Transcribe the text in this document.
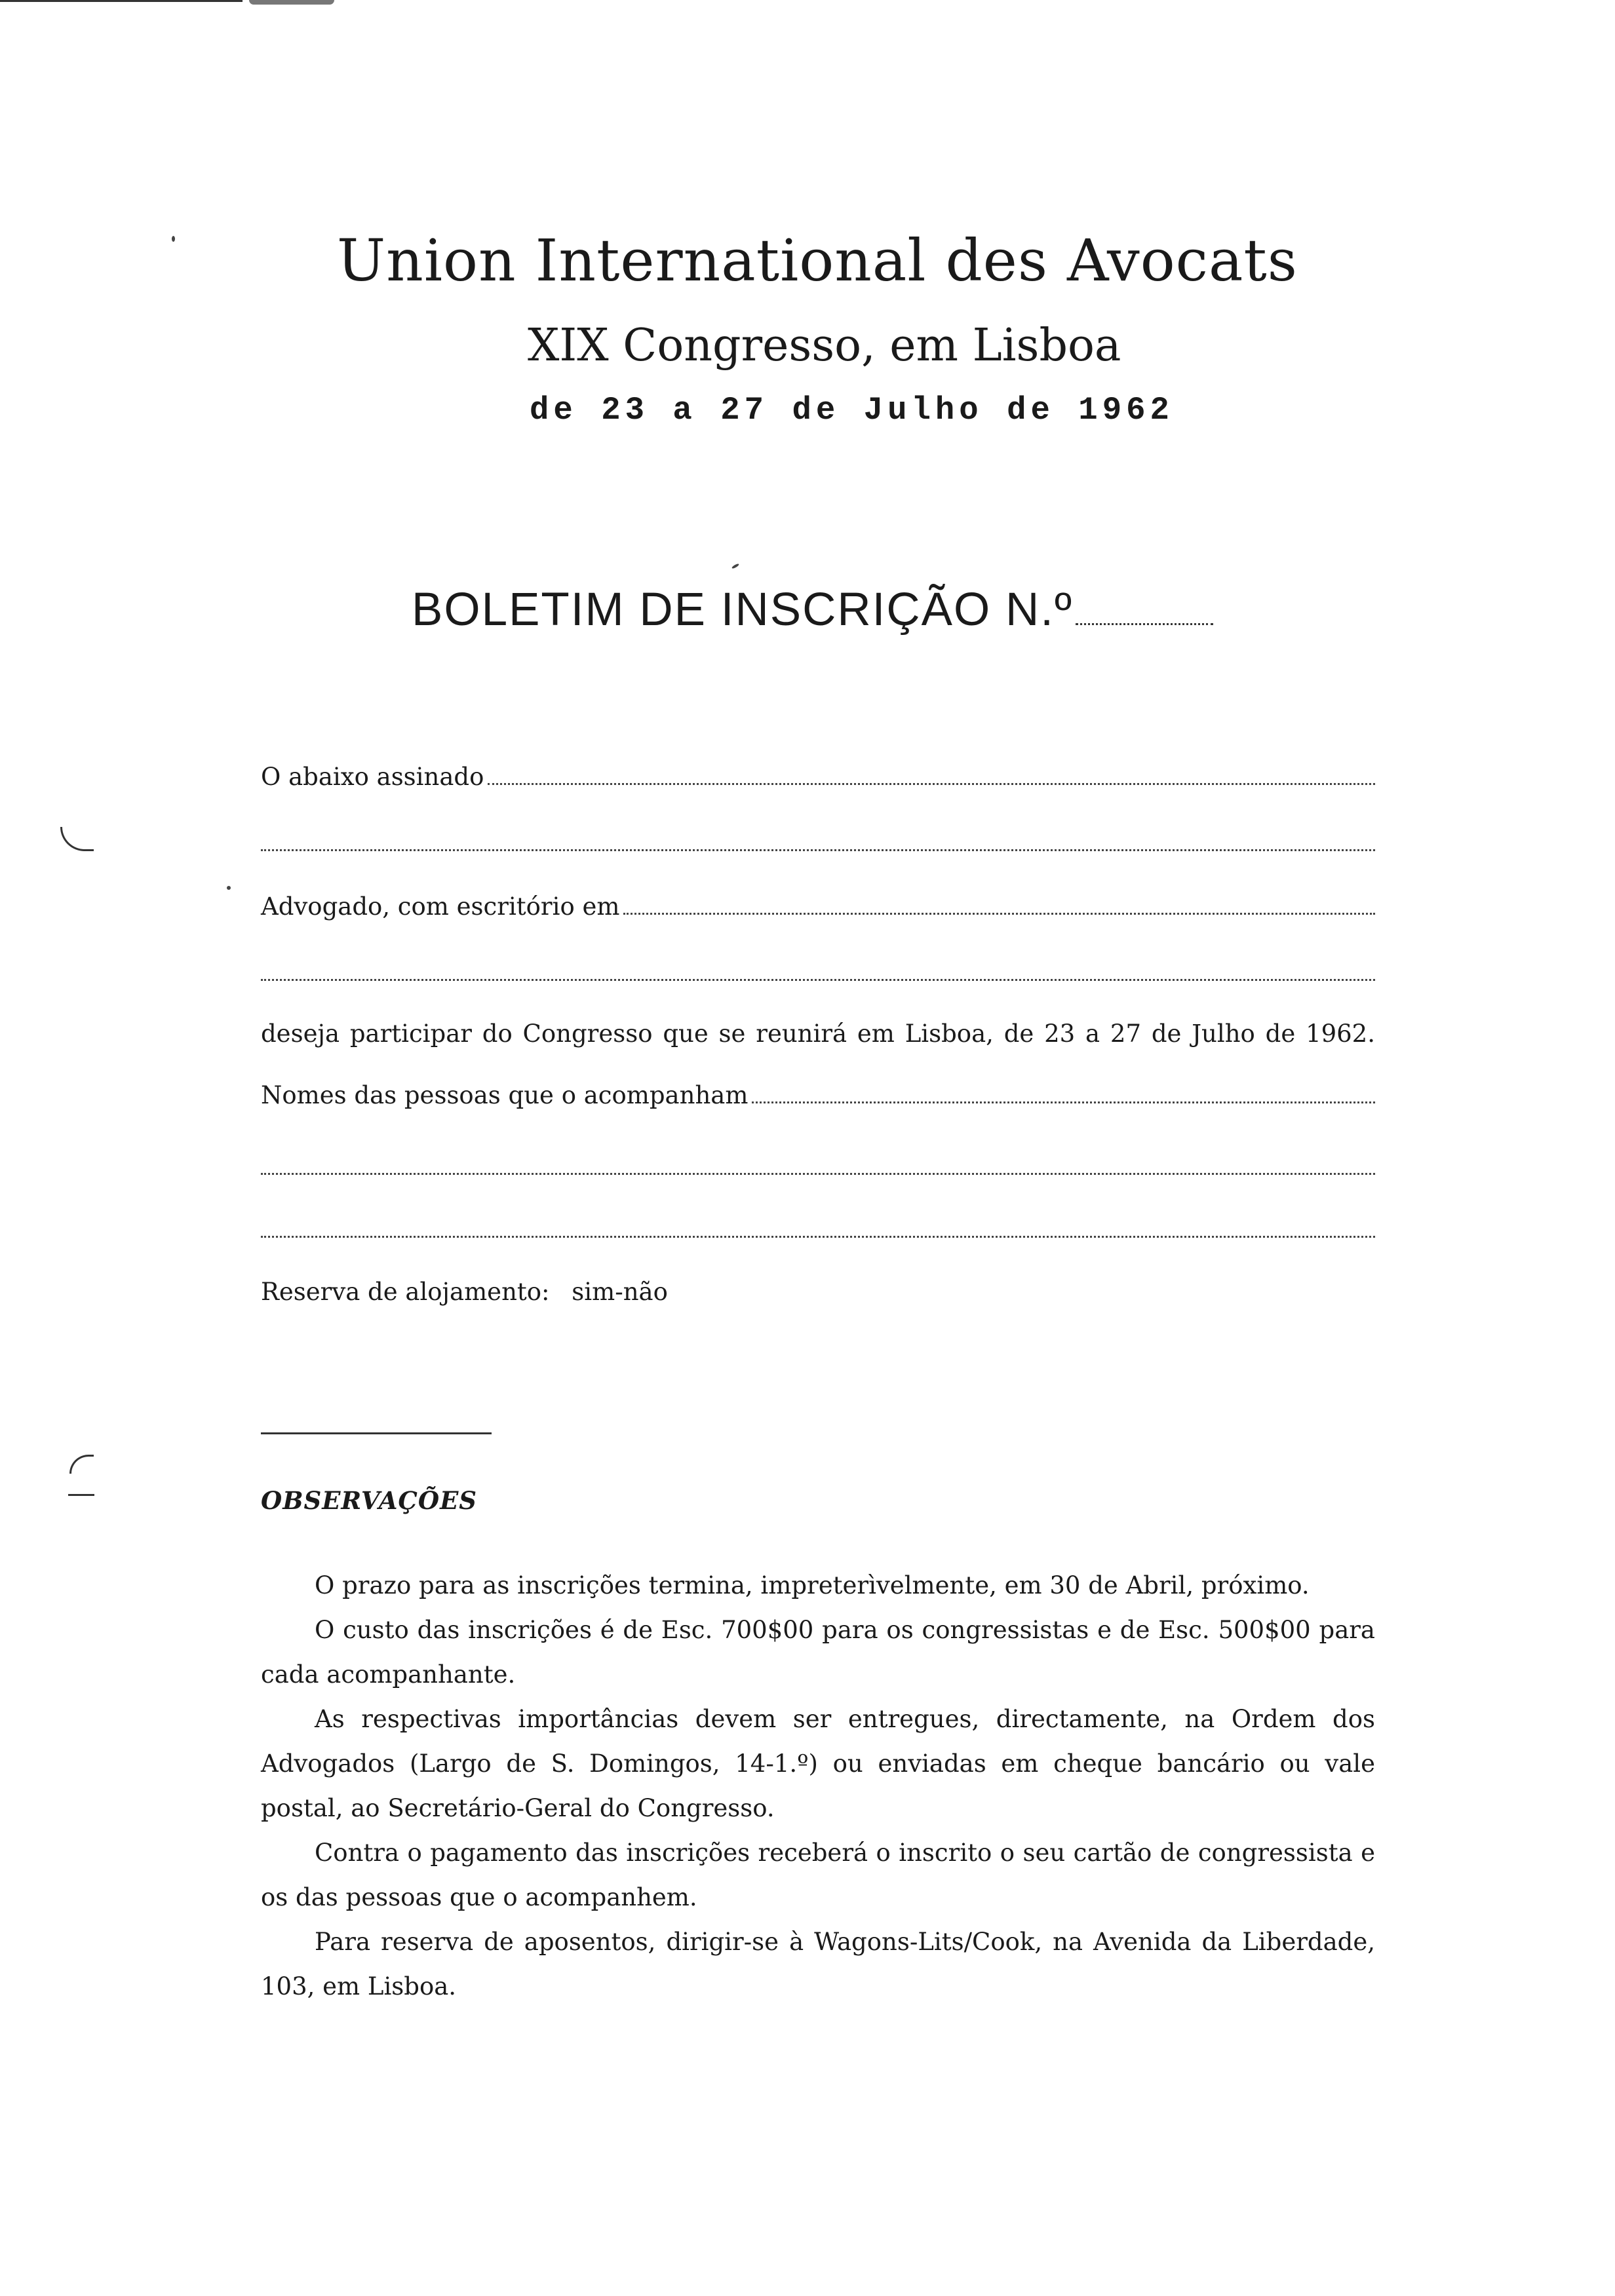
Union International des Avocats
XIX Congresso, em Lisboa
de 23 a 27 de Julho de 1962
BOLETIM DE INSCRIÇÃO N.º
O abaixo assinado
Advogado, com escritório em
deseja participar do Congresso que se reunirá em Lisboa, de 23 a 27 de Julho de 1962.
Nomes das pessoas que o acompanham
Reserva de alojamento: sim-não
OBSERVAÇÕES

O prazo para as inscrições termina, impreterìvelmente, em 30 de Abril, próximo.

O custo das inscrições é de Esc. 700$00 para os congressistas e de Esc. 500$00 para cada acompanhante.

As respectivas importâncias devem ser entregues, directamente, na Ordem dos Advogados (Largo de S. Domingos, 14-1.º) ou enviadas em cheque bancário ou vale postal, ao Secretário-Geral do Congresso.

Contra o pagamento das inscrições receberá o inscrito o seu cartão de congressista e os das pessoas que o acompanhem.

Para reserva de aposentos, dirigir-se à Wagons-Lits/Cook, na Avenida da Liberdade, 103, em Lisboa.
